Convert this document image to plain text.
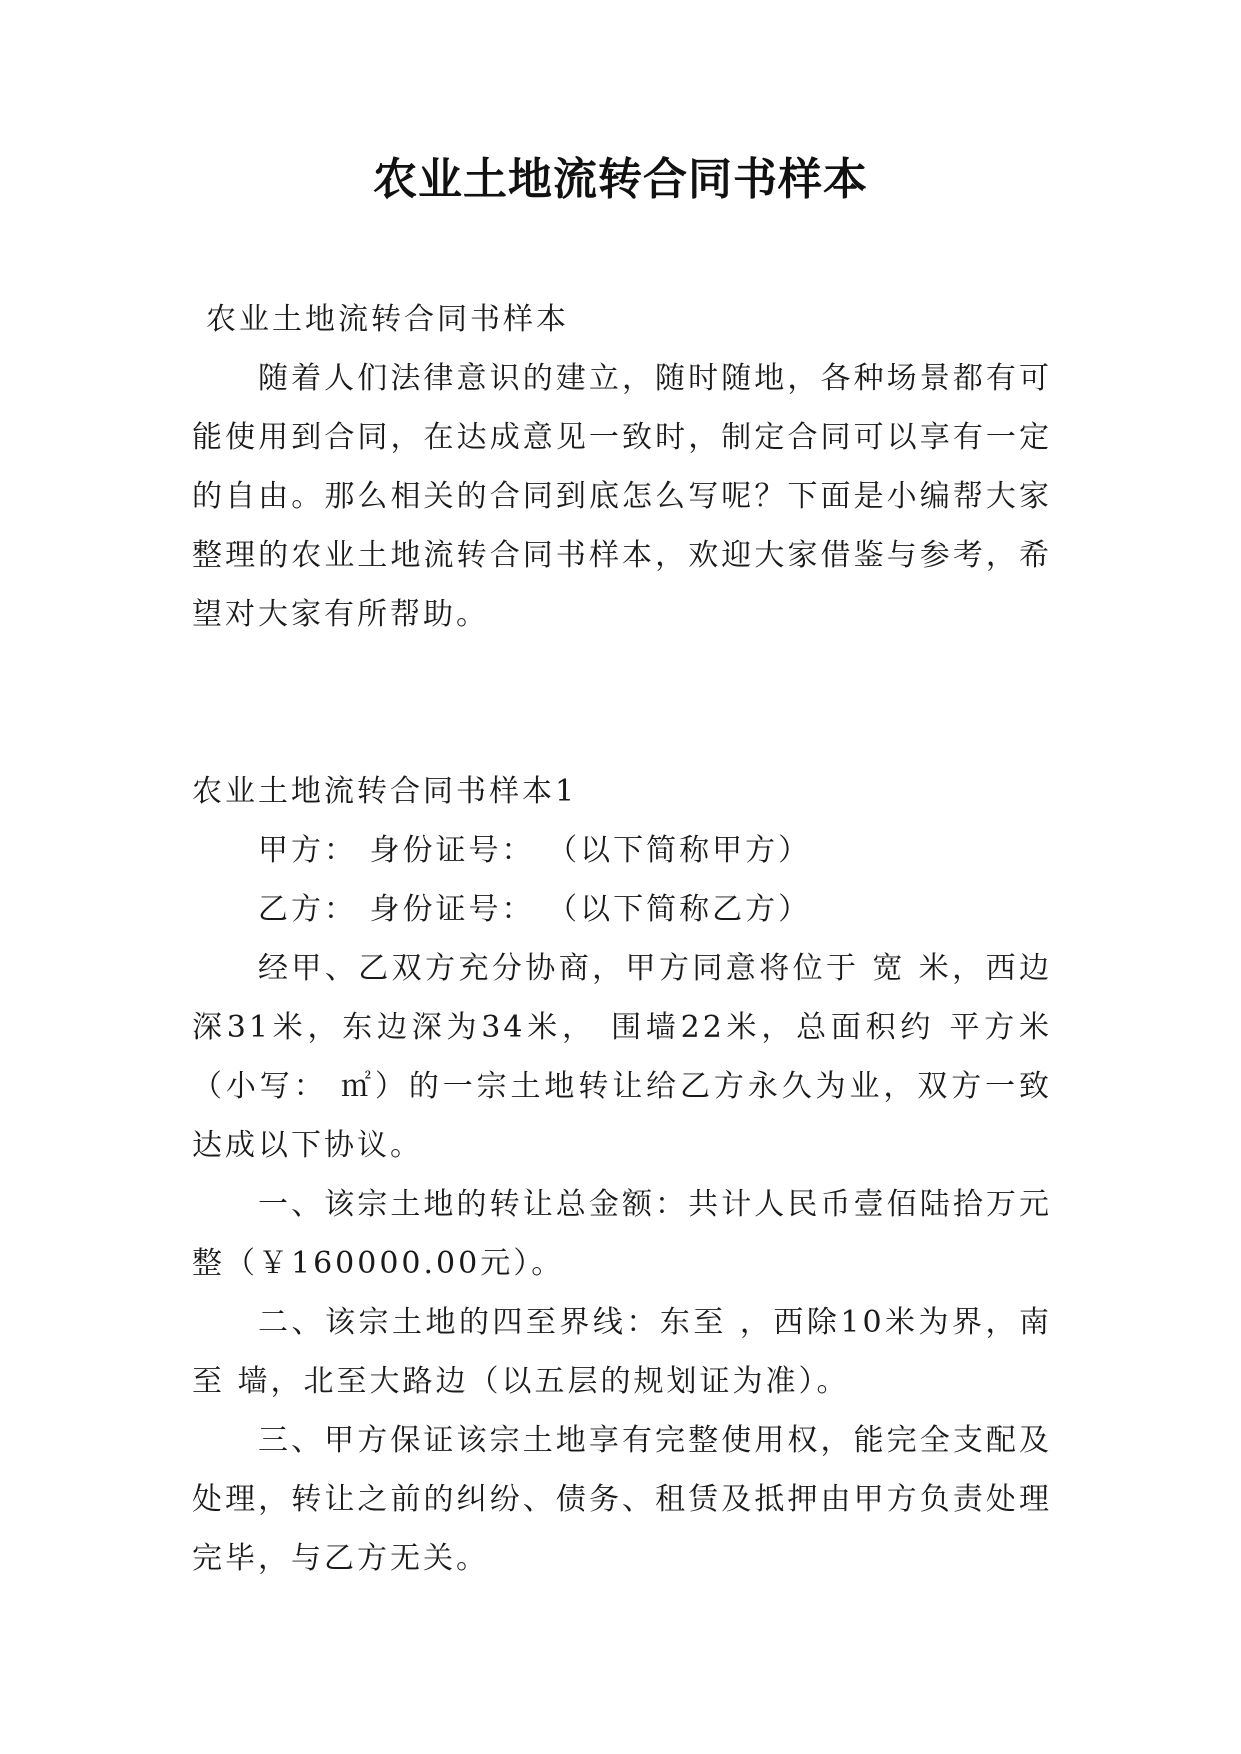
农业土地流转合同书样本

农业土地流转合同书样本

随着人们法律意识的建立，随时随地，各种场景都有可能使用到合同，在达成意见一致时，制定合同可以享有一定的自由。那么相关的合同到底怎么写呢？下面是小编帮大家整理的农业土地流转合同书样本，欢迎大家借鉴与参考，希望对大家有所帮助。

农业土地流转合同书样本1

甲方： 身份证号： （以下简称甲方）

乙方： 身份证号： （以下简称乙方）

经甲、乙双方充分协商，甲方同意将位于 宽 米，西边深31米，东边深为34米， 围墙22米，总面积约 平方米（小写： ㎡）的一宗土地转让给乙方永久为业，双方一致达成以下协议。

一、该宗土地的转让总金额：共计人民币壹佰陆拾万元整（￥160000.00元）。

二、该宗土地的四至界线：东至 ，西除10米为界，南至 墙，北至大路边（以五层的规划证为准）。

三、甲方保证该宗土地享有完整使用权，能完全支配及处理，转让之前的纠纷、债务、租赁及抵押由甲方负责处理完毕，与乙方无关。
